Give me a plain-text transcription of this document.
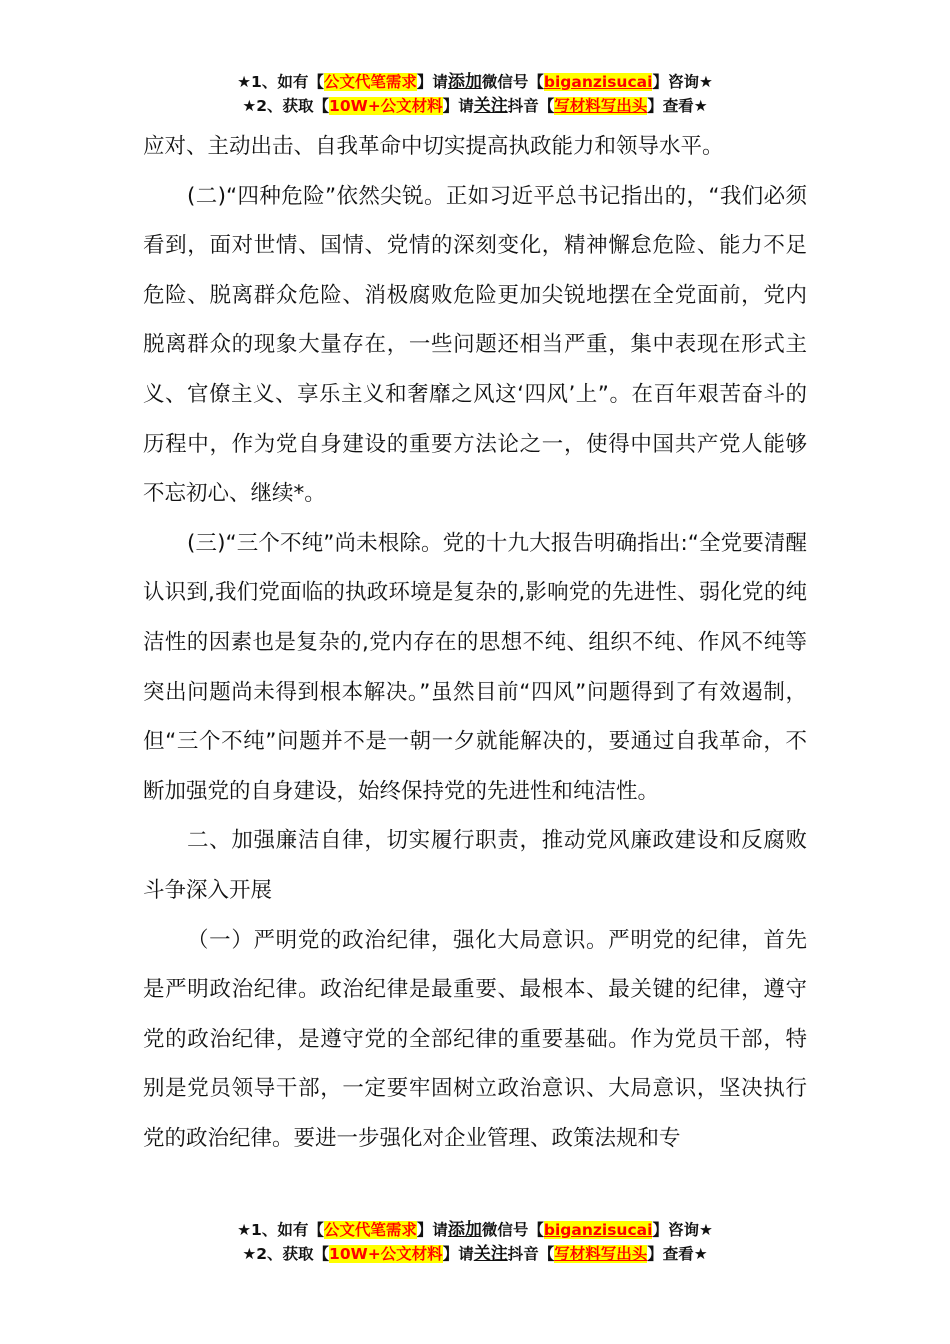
★1、如有【公文代笔需求】请添加微信号【biganzisucai】咨询★
★2、获取【10W+公文材料】请关注抖音【写材料写出头】查看★

应对、主动出击、自我革命中切实提高执政能力和领导水平。

(二)“四种危险”依然尖锐。正如习近平总书记指出的，“我们必须看到，面对世情、国情、党情的深刻变化，精神懈怠危险、能力不足危险、脱离群众危险、消极腐败危险更加尖锐地摆在全党面前，党内脱离群众的现象大量存在，一些问题还相当严重，集中表现在形式主义、官僚主义、享乐主义和奢靡之风这‘四风’上”。在百年艰苦奋斗的历程中，作为党自身建设的重要方法论之一，使得中国共产党人能够不忘初心、继续*。

(三)“三个不纯”尚未根除。党的十九大报告明确指出:“全党要清醒认识到,我们党面临的执政环境是复杂的,影响党的先进性、弱化党的纯洁性的因素也是复杂的,党内存在的思想不纯、组织不纯、作风不纯等突出问题尚未得到根本解决。”虽然目前“四风”问题得到了有效遏制，但“三个不纯”问题并不是一朝一夕就能解决的，要通过自我革命，不断加强党的自身建设，始终保持党的先进性和纯洁性。

二、加强廉洁自律，切实履行职责，推动党风廉政建设和反腐败斗争深入开展

（一）严明党的政治纪律，强化大局意识。严明党的纪律，首先是严明政治纪律。政治纪律是最重要、最根本、最关键的纪律，遵守党的政治纪律，是遵守党的全部纪律的重要基础。作为党员干部，特别是党员领导干部，一定要牢固树立政治意识、大局意识，坚决执行党的政治纪律。要进一步强化对企业管理、政策法规和专

★1、如有【公文代笔需求】请添加微信号【biganzisucai】咨询★
★2、获取【10W+公文材料】请关注抖音【写材料写出头】查看★
